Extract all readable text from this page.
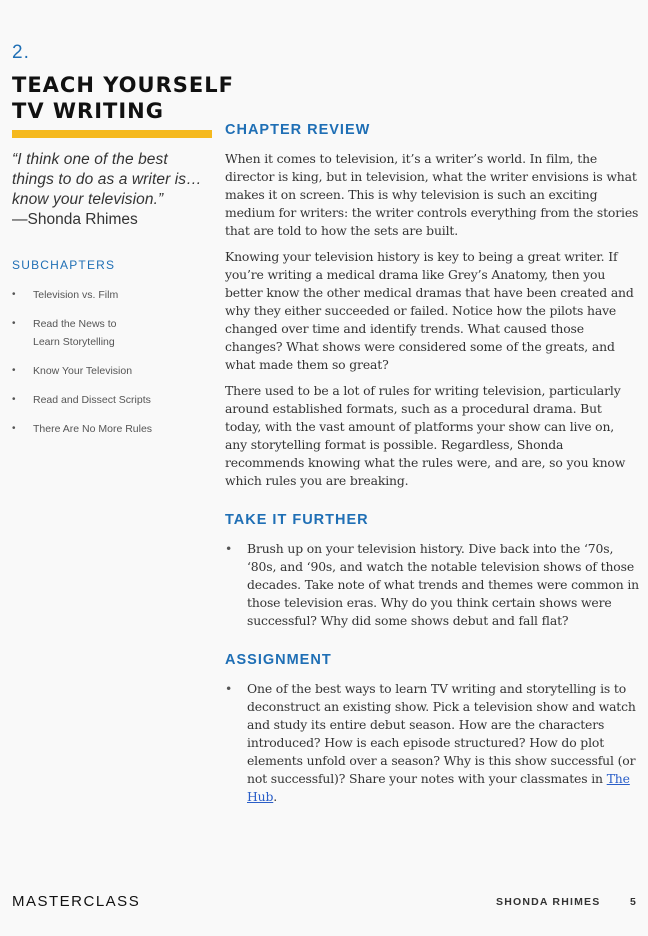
2.

TEACH YOURSELF
TV WRITING
“I think one of the best things to do as a writer is… know your television.”
—Shonda Rhimes
SUBCHAPTERS
• Television vs. Film
• Read the News to
Learn Storytelling
• Know Your Television
• Read and Dissect Scripts
• There Are No More Rules
CHAPTER REVIEW

When it comes to television, it’s a writer’s world. In film, the director is king, but in television, what the writer envisions is what makes it on screen. This is why television is such an exciting medium for writers: the writer controls everything from the stories that are told to how the sets are built.

Knowing your television history is key to being a great writer. If you’re writing a medical drama like Grey’s Anatomy, then you better know the other medical dramas that have been created and why they either succeeded or failed. Notice how the pilots have changed over time and identify trends. What caused those changes? What shows were considered some of the greats, and what made them so great?

There used to be a lot of rules for writing television, particularly around established formats, such as a procedural drama. But today, with the vast amount of platforms your show can live on, any storytelling format is possible. Regardless, Shonda recommends knowing what the rules were, and are, so you know which rules you are breaking.

TAKE IT FURTHER
• Brush up on your television history. Dive back into the ‘70s, ‘80s, and ‘90s, and watch the notable television shows of those decades. Take note of what trends and themes were common in those television eras. Why do you think certain shows were successful? Why did some shows debut and fall flat?
ASSIGNMENT
• One of the best ways to learn TV writing and storytelling is to deconstruct an existing show. Pick a television show and watch and study its entire debut season. How are the characters introduced? How is each episode structured? How do plot elements unfold over a season? Why is this show successful (or not successful)? Share your notes with your classmates in The Hub.
MASTERCLASS	SHONDA RHIMES	5
